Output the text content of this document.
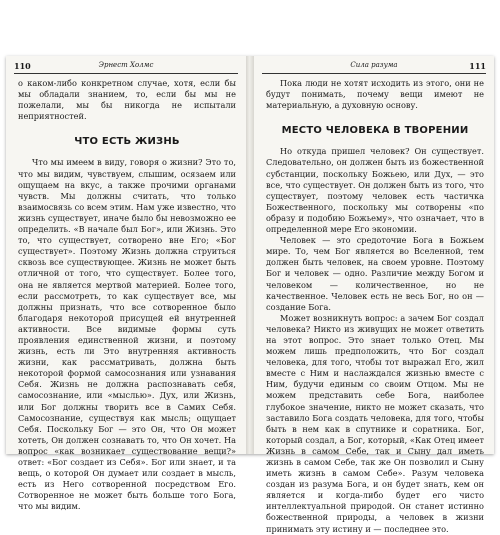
110	Эрнест Холмс

о каком-либо конкретном случае, хотя, если бы мы обладали знанием, то, если бы мы не пожелали, мы бы никогда не испытали неприятностей.

ЧТО ЕСТЬ ЖИЗНЬ

Что мы имеем в виду, говоря о жизни? Это то, что мы видим, чувствуем, слышим, осязаем или ощущаем на вкус, а также прочими органами чувств. Мы должны считать, что только взаимосвязь со всем этим. Нам уже известно, что жизнь существует, иначе было бы невозможно ее определить. «В начале был Бог», или Жизнь. Это то, что существует, сотворено вне Его; «Бог существует». Поэтому Жизнь должна струиться сквозь все существующее. Жизнь не может быть отличной от того, что существует. Более того, она не является мертвой материей. Более того, если рассмотреть, то как существует все, мы должны признать, что все сотворенное было благодаря некоторой присущей ей внутренней активности. Все видимые формы суть проявления единственной жизни, и поэтому жизнь, есть ли Это внутренняя активность жизни, как рассматривать, должна быть некоторой формой самосознания или узнавания Себя. Жизнь не должна распознавать себя, самосознание, или «мыслью». Дух, или Жизнь, или Бог должны творить все в Самих Себя. Самосознание, существуя как мысль; ощущает Себя. Поскольку Бог — это Он, что Он может хотеть, Он должен сознавать то, что Он хочет. На вопрос «как возникает существование вещи?» ответ: «Бог создает из Себя». Бог или знает, и та вещь, о которой Он думает или создает в мысль, есть из Него сотворенной посредством Его. Сотворенное не может быть больше того Бога, что мы видим.

Сила разума	111

Пока люди не хотят исходить из этого, они не будут понимать, почему вещи имеют не материальную, а духовную основу.

МЕСТО ЧЕЛОВЕКА В ТВОРЕНИИ

Но откуда пришел человек? Он существует. Следовательно, он должен быть из божественной субстанции, поскольку Божьею, или Дух, — это все, что существует. Он должен быть из того, что существует, поэтому человек есть частичка Божественного, поскольку мы сотворены «по образу и подобию Божьему», что означает, что в определенной мере Его экономии.

Человек — это средоточие Бога в Божьем мире. То, чем Бог является во Вселенной, тем должен быть человек, на своем уровне. Поэтому Бог и человек — одно. Различие между Богом и человеком — количественное, но не качественное. Человек есть не весь Бог, но он — создание Бога.

Может возникнуть вопрос: а зачем Бог создал человека? Никто из живущих не может ответить на этот вопрос. Это знает только Отец. Мы можем лишь предположить, что Бог создал человека, для того, чтобы тот выражал Его, жил вместе с Ним и наслаждался жизнью вместе с Ним, будучи единым со своим Отцом. Мы не можем представить себе Бога, наиболее глубокое значение, никто не может сказать, что заставило Бога создать человека, для того, чтобы быть в нем как в спутнике и соратника. Бог, который создал, а Бог, который, «Как Отец имеет Жизнь в самом Себе, так и Сыну дал иметь жизнь в самом Себе, так же Он позволил и Сыну иметь жизнь в самом Себе». Разум человека создан из разума Бога, и он будет знать, кем он является и когда-либо будет его чисто интеллектуальной природой. Он станет истинно божественной природы, а человек в жизни принимать эту истину и — последнее это.
